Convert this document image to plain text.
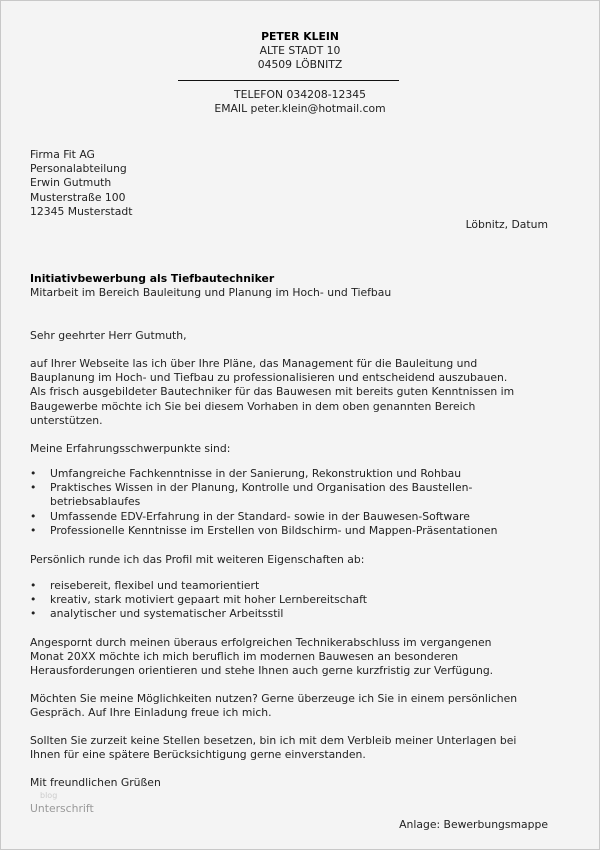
PETER KLEIN
ALTE STADT 10
04509 LÖBNITZ
TELEFON 034208-12345
EMAIL peter.klein@hotmail.com
Firma Fit AG
Personalabteilung
Erwin Gutmuth
Musterstraße 100
12345 Musterstadt
Löbnitz, Datum
Initiativbewerbung als Tiefbautechniker
Mitarbeit im Bereich Bauleitung und Planung im Hoch- und Tiefbau
Sehr geehrter Herr Gutmuth,
auf Ihrer Webseite las ich über Ihre Pläne, das Management für die Bauleitung und
Bauplanung im Hoch- und Tiefbau zu professionalisieren und entscheidend auszubauen.
Als frisch ausgebildeter Bautechniker für das Bauwesen mit bereits guten Kenntnissen im
Baugewerbe möchte ich Sie bei diesem Vorhaben in dem oben genannten Bereich
unterstützen.
Meine Erfahrungsschwerpunkte sind:
• Umfangreiche Fachkenntnisse in der Sanierung, Rekonstruktion und Rohbau
• Praktisches Wissen in der Planung, Kontrolle und Organisation des Baustellen-
betriebsablaufes
• Umfassende EDV-Erfahrung in der Standard- sowie in der Bauwesen-Software
• Professionelle Kenntnisse im Erstellen von Bildschirm- und Mappen-Präsentationen
Persönlich runde ich das Profil mit weiteren Eigenschaften ab:
• reisebereit, flexibel und teamorientiert
• kreativ, stark motiviert gepaart mit hoher Lernbereitschaft
• analytischer und systematischer Arbeitsstil
Angespornt durch meinen überaus erfolgreichen Technikerabschluss im vergangenen
Monat 20XX möchte ich mich beruflich im modernen Bauwesen an besonderen
Herausforderungen orientieren und stehe Ihnen auch gerne kurzfristig zur Verfügung.
Möchten Sie meine Möglichkeiten nutzen? Gerne überzeuge ich Sie in einem persönlichen
Gespräch. Auf Ihre Einladung freue ich mich.
Sollten Sie zurzeit keine Stellen besetzen, bin ich mit dem Verbleib meiner Unterlagen bei
Ihnen für eine spätere Berücksichtigung gerne einverstanden.
Mit freundlichen Grüßen
blog
Unterschrift
Anlage: Bewerbungsmappe
